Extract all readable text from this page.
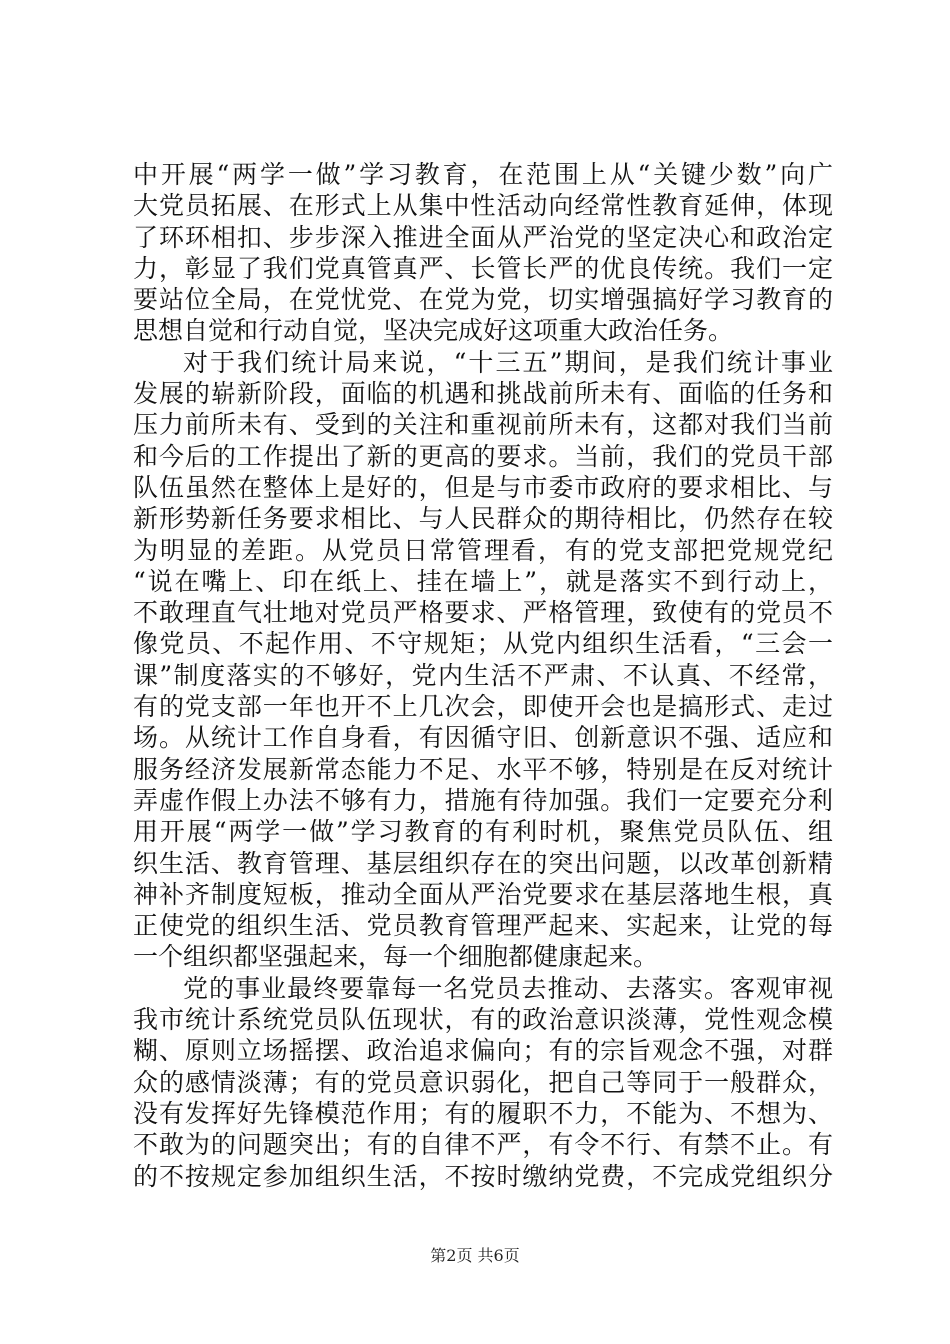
中开展“两学一做”学习教育，在范围上从“关键少数”向广
大党员拓展、在形式上从集中性活动向经常性教育延伸，体现
了环环相扣、步步深入推进全面从严治党的坚定决心和政治定
力，彰显了我们党真管真严、长管长严的优良传统。我们一定
要站位全局，在党忧党、在党为党，切实增强搞好学习教育的
思想自觉和行动自觉，坚决完成好这项重大政治任务。
对于我们统计局来说，“十三五”期间，是我们统计事业
发展的崭新阶段，面临的机遇和挑战前所未有、面临的任务和
压力前所未有、受到的关注和重视前所未有，这都对我们当前
和今后的工作提出了新的更高的要求。当前，我们的党员干部
队伍虽然在整体上是好的，但是与市委市政府的要求相比、与
新形势新任务要求相比、与人民群众的期待相比，仍然存在较
为明显的差距。从党员日常管理看，有的党支部把党规党纪
“说在嘴上、印在纸上、挂在墙上”，就是落实不到行动上，
不敢理直气壮地对党员严格要求、严格管理，致使有的党员不
像党员、不起作用、不守规矩；从党内组织生活看，“三会一
课”制度落实的不够好，党内生活不严肃、不认真、不经常，
有的党支部一年也开不上几次会，即使开会也是搞形式、走过
场。从统计工作自身看，有因循守旧、创新意识不强、适应和
服务经济发展新常态能力不足、水平不够，特别是在反对统计
弄虚作假上办法不够有力，措施有待加强。我们一定要充分利
用开展“两学一做”学习教育的有利时机，聚焦党员队伍、组
织生活、教育管理、基层组织存在的突出问题，以改革创新精
神补齐制度短板，推动全面从严治党要求在基层落地生根，真
正使党的组织生活、党员教育管理严起来、实起来，让党的每
一个组织都坚强起来，每一个细胞都健康起来。
党的事业最终要靠每一名党员去推动、去落实。客观审视
我市统计系统党员队伍现状，有的政治意识淡薄，党性观念模
糊、原则立场摇摆、政治追求偏向；有的宗旨观念不强，对群
众的感情淡薄；有的党员意识弱化，把自己等同于一般群众，
没有发挥好先锋模范作用；有的履职不力，不能为、不想为、
不敢为的问题突出；有的自律不严，有令不行、有禁不止。有
的不按规定参加组织生活，不按时缴纳党费，不完成党组织分
第2页 共6页
